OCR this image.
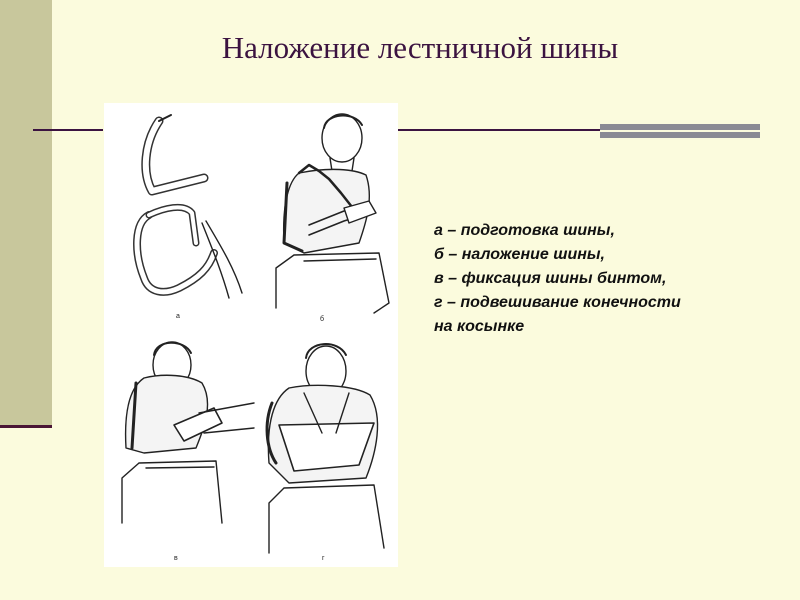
Наложение лестничной шины
а	б
в	г
а – подготовка шины,
б – наложение шины,
в – фиксация шины бинтом,
г – подвешивание конечности
на косынке
